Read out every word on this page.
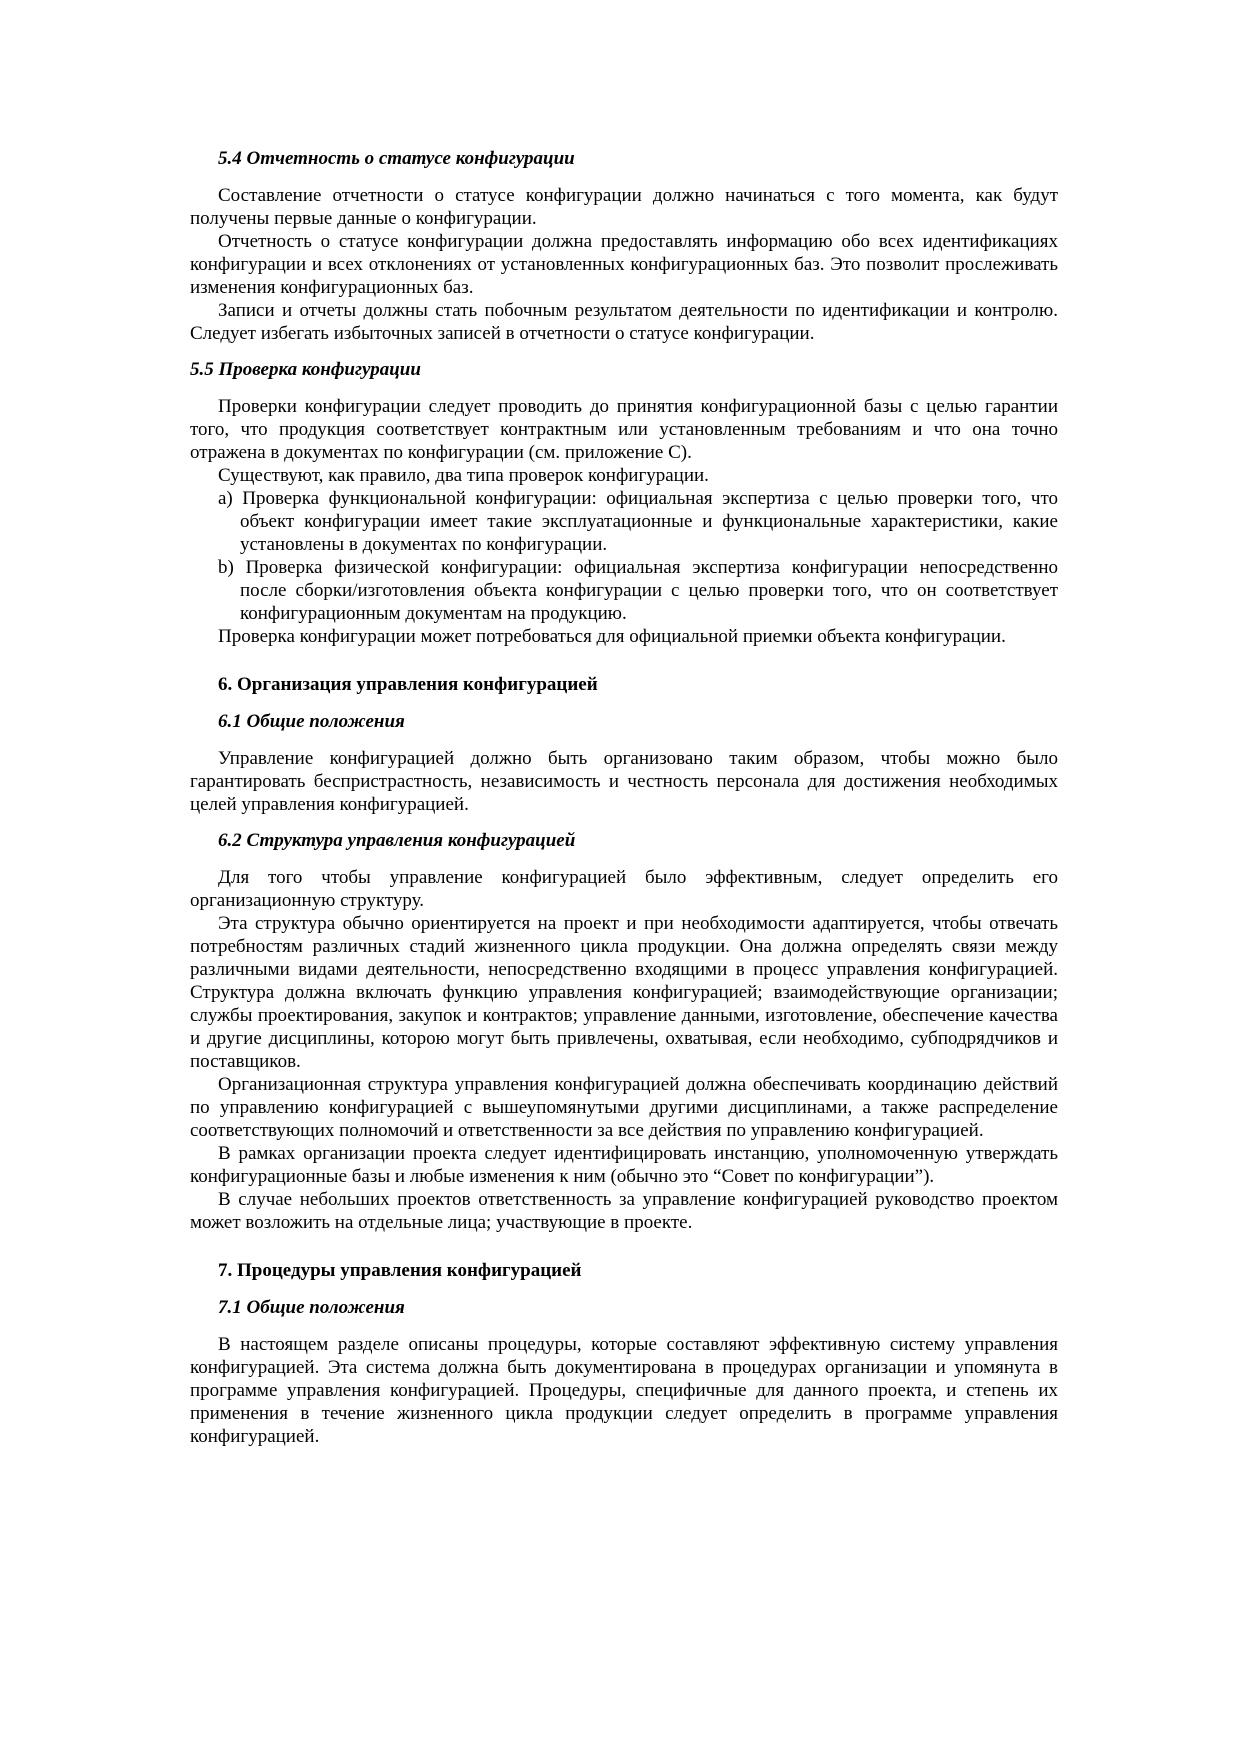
5.4 Отчетность о статусе конфигурации

Составление отчетности о статусе конфигурации должно начинаться с того момента, как будут получены первые данные о конфигурации.

Отчетность о статусе конфигурации должна предоставлять информацию обо всех идентификациях конфигурации и всех отклонениях от установленных конфигурационных баз. Это позволит прослеживать изменения конфигурационных баз.

Записи и отчеты должны стать побочным результатом деятельности по идентификации и контролю. Следует избегать избыточных записей в отчетности о статусе конфигурации.

5.5 Проверка конфигурации

Проверки конфигурации следует проводить до принятия конфигурационной базы с целью гарантии того, что продукция соответствует контрактным или установленным требованиям и что она точно отражена в документах по конфигурации (см. приложение С).

Существуют, как правило, два типа проверок конфигурации.

a) Проверка функциональной конфигурации: официальная экспертиза с целью проверки того, что объект конфигурации имеет такие эксплуатационные и функциональные характеристики, какие установлены в документах по конфигурации.

b) Проверка физической конфигурации: официальная экспертиза конфигурации непосредственно после сборки/изготовления объекта конфигурации с целью проверки того, что он соответствует конфигурационным документам на продукцию.

Проверка конфигурации может потребоваться для официальной приемки объекта конфигурации.

6. Организация управления конфигурацией
6.1 Общие положения

Управление конфигурацией должно быть организовано таким образом, чтобы можно было гарантировать беспристрастность, независимость и честность персонала для достижения необходимых целей управления конфигурацией.

6.2 Структура управления конфигурацией

Для того чтобы управление конфигурацией было эффективным, следует определить его организационную структуру.

Эта структура обычно ориентируется на проект и при необходимости адаптируется, чтобы отвечать потребностям различных стадий жизненного цикла продукции. Она должна определять связи между различными видами деятельности, непосредственно входящими в процесс управления конфигурацией. Структура должна включать функцию управления конфигурацией; взаимодействующие организации; службы проектирования, закупок и контрактов; управление данными, изготовление, обеспечение качества и другие дисциплины, которою могут быть привлечены, охватывая, если необходимо, субподрядчиков и поставщиков.

Организационная структура управления конфигурацией должна обеспечивать координацию действий по управлению конфигурацией с вышеупомянутыми другими дисциплинами, а также распределение соответствующих полномочий и ответственности за все действия по управлению конфигурацией.

В рамках организации проекта следует идентифицировать инстанцию, уполномоченную утверждать конфигурационные базы и любые изменения к ним (обычно это “Совет по конфигурации”).

В случае небольших проектов ответственность за управление конфигурацией руководство проектом может возложить на отдельные лица; участвующие в проекте.

7. Процедуры управления конфигурацией
7.1 Общие положения

В настоящем разделе описаны процедуры, которые составляют эффективную систему управления конфигурацией. Эта система должна быть документирована в процедурах организации и упомянута в программе управления конфигурацией. Процедуры, специфичные для данного проекта, и степень их применения в течение жизненного цикла продукции следует определить в программе управления конфигурацией.
